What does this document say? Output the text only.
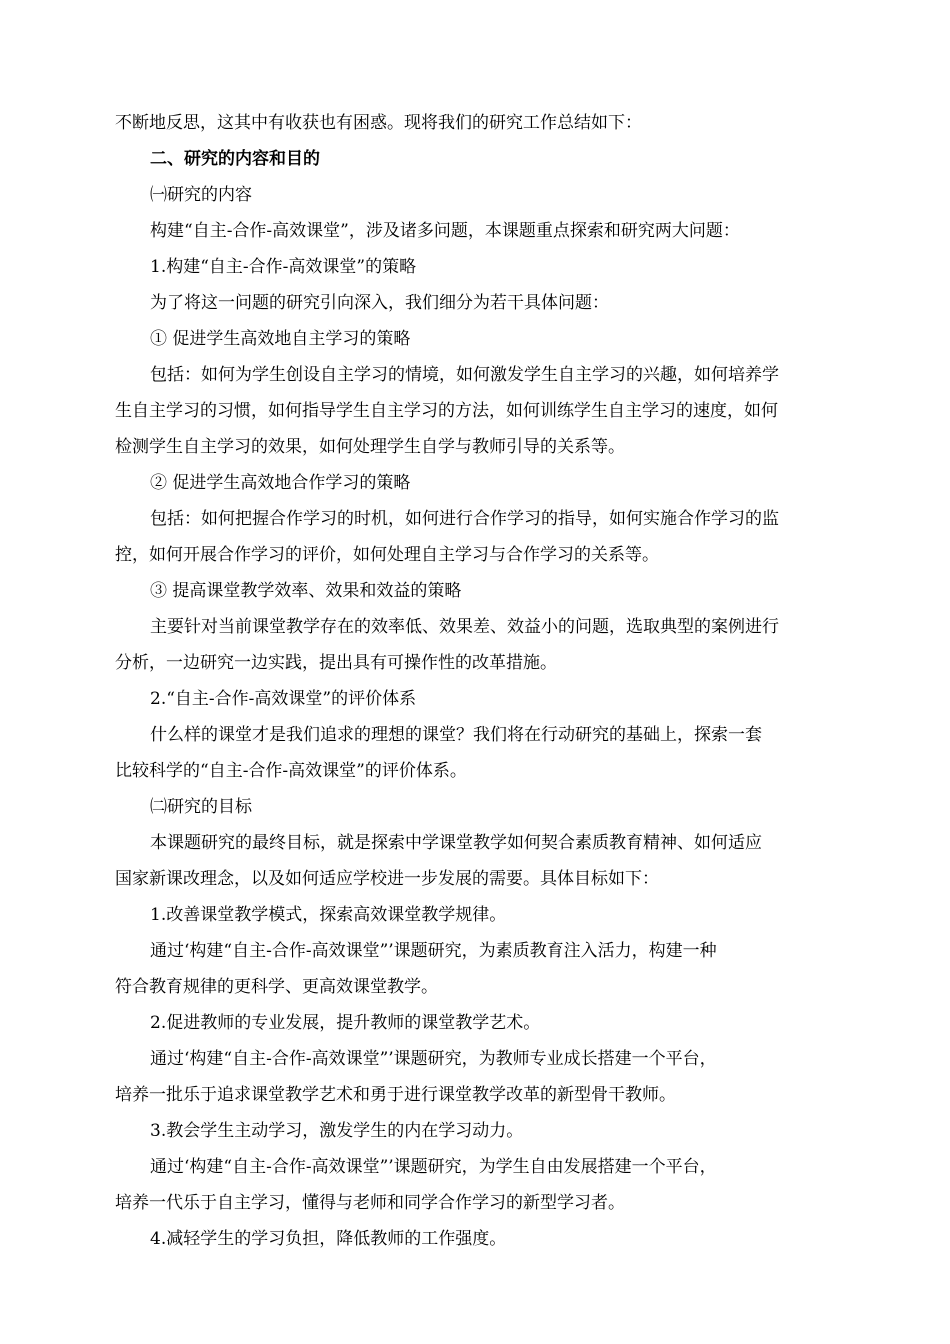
不断地反思，这其中有收获也有困惑。现将我们的研究工作总结如下：

二、研究的内容和目的

㈠研究的内容

构建“自主-合作-高效课堂”，涉及诸多问题，本课题重点探索和研究两大问题：

1.构建“自主-合作-高效课堂”的策略

为了将这一问题的研究引向深入，我们细分为若干具体问题：

① 促进学生高效地自主学习的策略

包括：如何为学生创设自主学习的情境，如何激发学生自主学习的兴趣，如何培养学

生自主学习的习惯，如何指导学生自主学习的方法，如何训练学生自主学习的速度，如何

检测学生自主学习的效果，如何处理学生自学与教师引导的关系等。

② 促进学生高效地合作学习的策略

包括：如何把握合作学习的时机，如何进行合作学习的指导，如何实施合作学习的监

控，如何开展合作学习的评价，如何处理自主学习与合作学习的关系等。

③ 提高课堂教学效率、效果和效益的策略

主要针对当前课堂教学存在的效率低、效果差、效益小的问题，选取典型的案例进行

分析，一边研究一边实践，提出具有可操作性的改革措施。

2.“自主-合作-高效课堂”的评价体系

什么样的课堂才是我们追求的理想的课堂？我们将在行动研究的基础上，探索一套

比较科学的“自主-合作-高效课堂”的评价体系。

㈡研究的目标

本课题研究的最终目标，就是探索中学课堂教学如何契合素质教育精神、如何适应

国家新课改理念，以及如何适应学校进一步发展的需要。具体目标如下：

1.改善课堂教学模式，探索高效课堂教学规律。

通过‘构建“自主-合作-高效课堂”’课题研究，为素质教育注入活力，构建一种

符合教育规律的更科学、更高效课堂教学。

2.促进教师的专业发展，提升教师的课堂教学艺术。

通过‘构建“自主-合作-高效课堂”’课题研究，为教师专业成长搭建一个平台，

培养一批乐于追求课堂教学艺术和勇于进行课堂教学改革的新型骨干教师。

3.教会学生主动学习，激发学生的内在学习动力。

通过‘构建“自主-合作-高效课堂”’课题研究，为学生自由发展搭建一个平台，

培养一代乐于自主学习，懂得与老师和同学合作学习的新型学习者。

4.减轻学生的学习负担，降低教师的工作强度。
